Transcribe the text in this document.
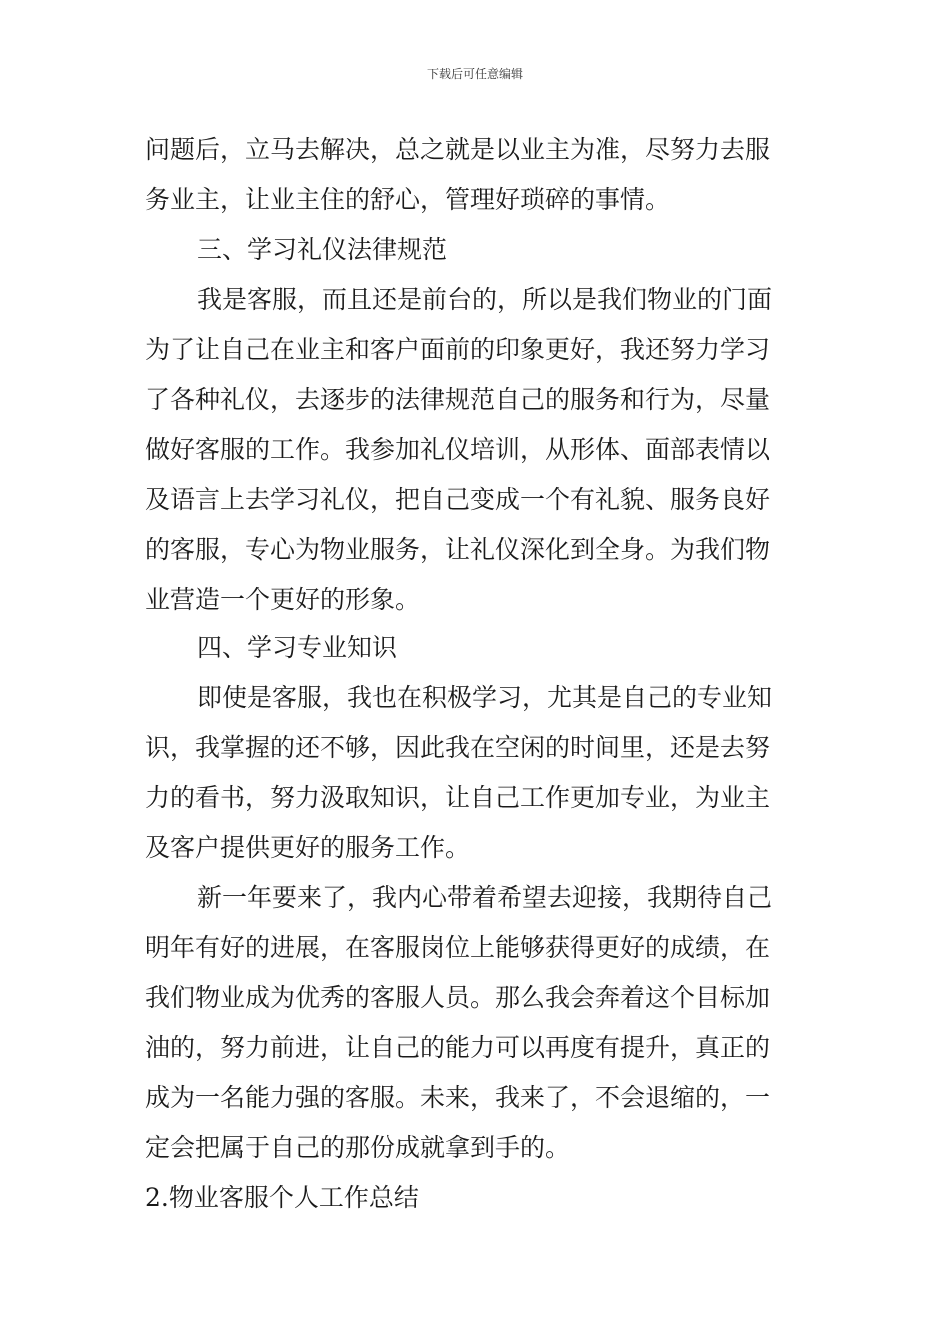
下载后可任意编辑
问题后，立马去解决，总之就是以业主为准，尽努力去服
务业主，让业主住的舒心，管理好琐碎的事情。
三、学习礼仪法律规范
我是客服，而且还是前台的，所以是我们物业的门面
为了让自己在业主和客户面前的印象更好，我还努力学习
了各种礼仪，去逐步的法律规范自己的服务和行为，尽量
做好客服的工作。我参加礼仪培训，从形体、面部表情以
及语言上去学习礼仪，把自己变成一个有礼貌、服务良好
的客服，专心为物业服务，让礼仪深化到全身。为我们物
业营造一个更好的形象。
四、学习专业知识
即使是客服，我也在积极学习，尤其是自己的专业知
识，我掌握的还不够，因此我在空闲的时间里，还是去努
力的看书，努力汲取知识，让自己工作更加专业，为业主
及客户提供更好的服务工作。
新一年要来了，我内心带着希望去迎接，我期待自己
明年有好的进展，在客服岗位上能够获得更好的成绩，在
我们物业成为优秀的客服人员。那么我会奔着这个目标加
油的，努力前进，让自己的能力可以再度有提升，真正的
成为一名能力强的客服。未来，我来了，不会退缩的，一
定会把属于自己的那份成就拿到手的。
2.物业客服个人工作总结
